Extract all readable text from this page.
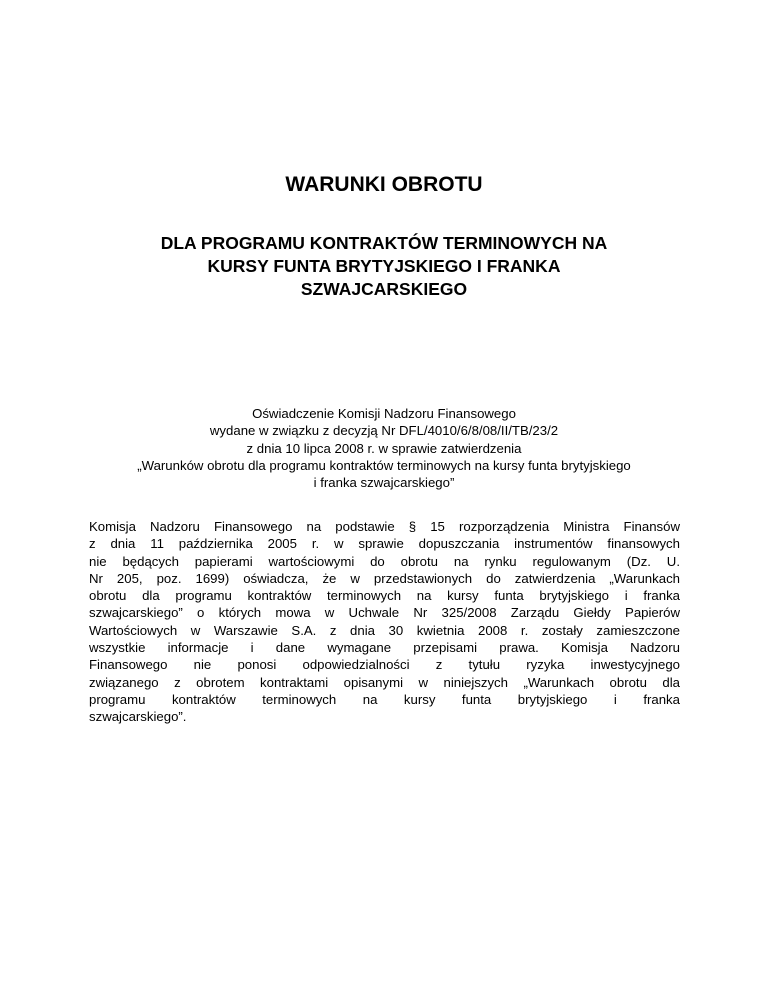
WARUNKI OBROTU
DLA PROGRAMU KONTRAKTÓW TERMINOWYCH NA
KURSY FUNTA BRYTYJSKIEGO I FRANKA
SZWAJCARSKIEGO
Oświadczenie Komisji Nadzoru Finansowego
wydane w związku z decyzją Nr DFL/4010/6/8/08/II/TB/23/2
z dnia 10 lipca 2008 r. w sprawie zatwierdzenia
„Warunków obrotu dla programu kontraktów terminowych na kursy funta brytyjskiego
i franka szwajcarskiego”
Komisja Nadzoru Finansowego na podstawie § 15 rozporządzenia Ministra Finansów
z dnia 11 października 2005 r. w sprawie dopuszczania instrumentów finansowych
nie będących papierami wartościowymi do obrotu na rynku regulowanym (Dz. U.
Nr 205, poz. 1699) oświadcza, że w przedstawionych do zatwierdzenia „Warunkach
obrotu dla programu kontraktów terminowych na kursy funta brytyjskiego i franka
szwajcarskiego” o których mowa w Uchwale Nr 325/2008 Zarządu Giełdy Papierów
Wartościowych w Warszawie S.A. z dnia 30 kwietnia 2008 r. zostały zamieszczone
wszystkie informacje i dane wymagane przepisami prawa. Komisja Nadzoru
Finansowego nie ponosi odpowiedzialności z tytułu ryzyka inwestycyjnego
związanego z obrotem kontraktami opisanymi w niniejszych „Warunkach obrotu dla
programu kontraktów terminowych na kursy funta brytyjskiego i franka
szwajcarskiego”.
